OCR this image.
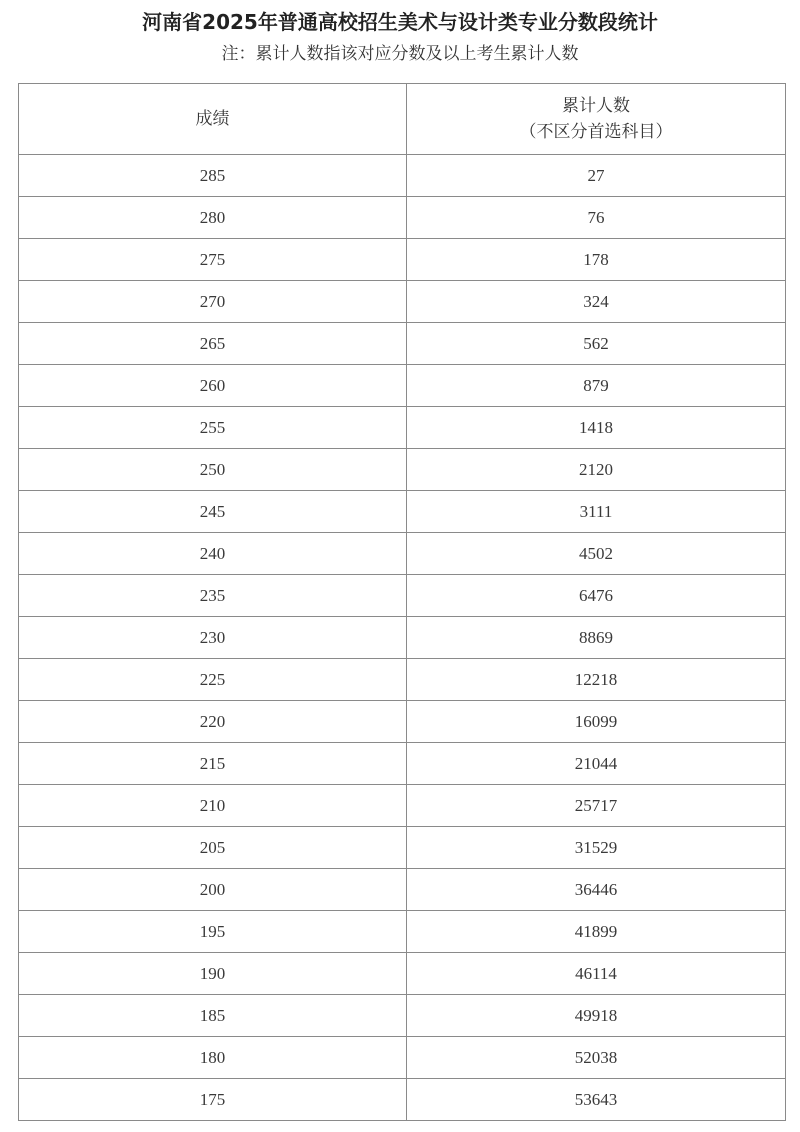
河南省2025年普通高校招生美术与设计类专业分数段统计
注：累计人数指该对应分数及以上考生累计人数
成绩	累计人数
（不区分首选科目）

285	27
280	76
275	178
270	324
265	562
260	879
255	1418
250	2120
245	3111
240	4502
235	6476
230	8869
225	12218
220	16099
215	21044
210	25717
205	31529
200	36446
195	41899
190	46114
185	49918
180	52038
175	53643
